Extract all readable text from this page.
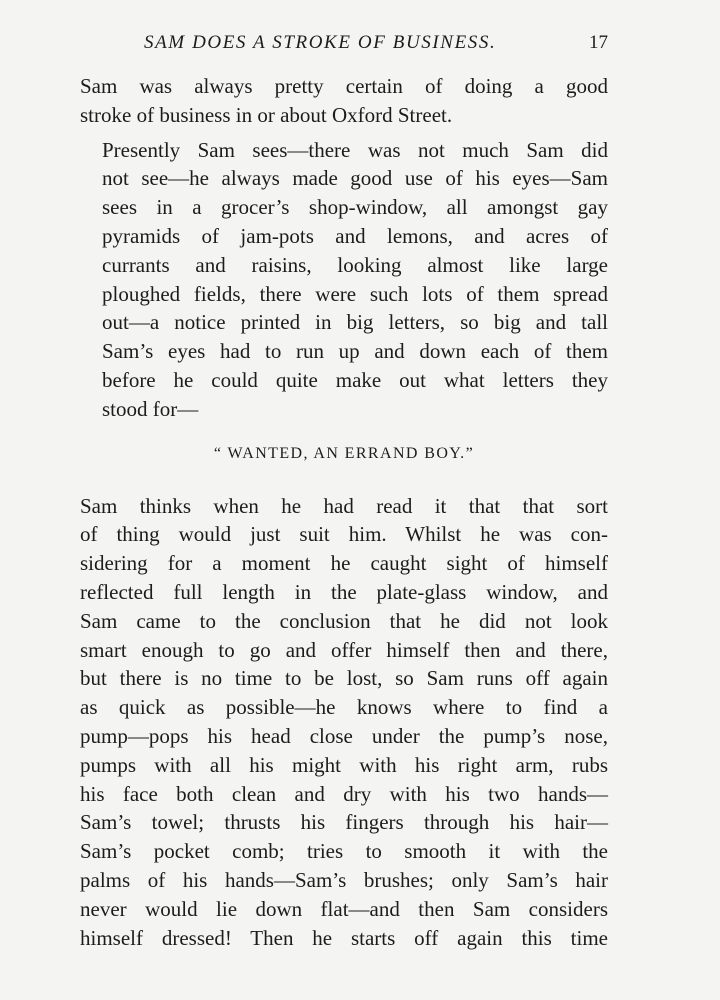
SAM DOES A STROKE OF BUSINESS.	17

Sam was always pretty certain of doing a good
stroke of business in or about Oxford Street.

Presently Sam sees—there was not much Sam did
not see—he always made good use of his eyes—Sam
sees in a grocer’s shop-window, all amongst gay
pyramids of jam-pots and lemons, and acres of
currants and raisins, looking almost like large
ploughed fields, there were such lots of them spread
out—a notice printed in big letters, so big and tall
Sam’s eyes had to run up and down each of them
before he could quite make out what letters they
stood for—

“ WANTED, AN ERRAND BOY.”

Sam thinks when he had read it that that sort
of thing would just suit him. Whilst he was con-
sidering for a moment he caught sight of himself
reflected full length in the plate-glass window, and
Sam came to the conclusion that he did not look
smart enough to go and offer himself then and there,
but there is no time to be lost, so Sam runs off again
as quick as possible—he knows where to find a
pump—pops his head close under the pump’s nose,
pumps with all his might with his right arm, rubs
his face both clean and dry with his two hands—
Sam’s towel; thrusts his fingers through his hair—
Sam’s pocket comb; tries to smooth it with the
palms of his hands—Sam’s brushes; only Sam’s hair
never would lie down flat—and then Sam considers
himself dressed! Then he starts off again this time
